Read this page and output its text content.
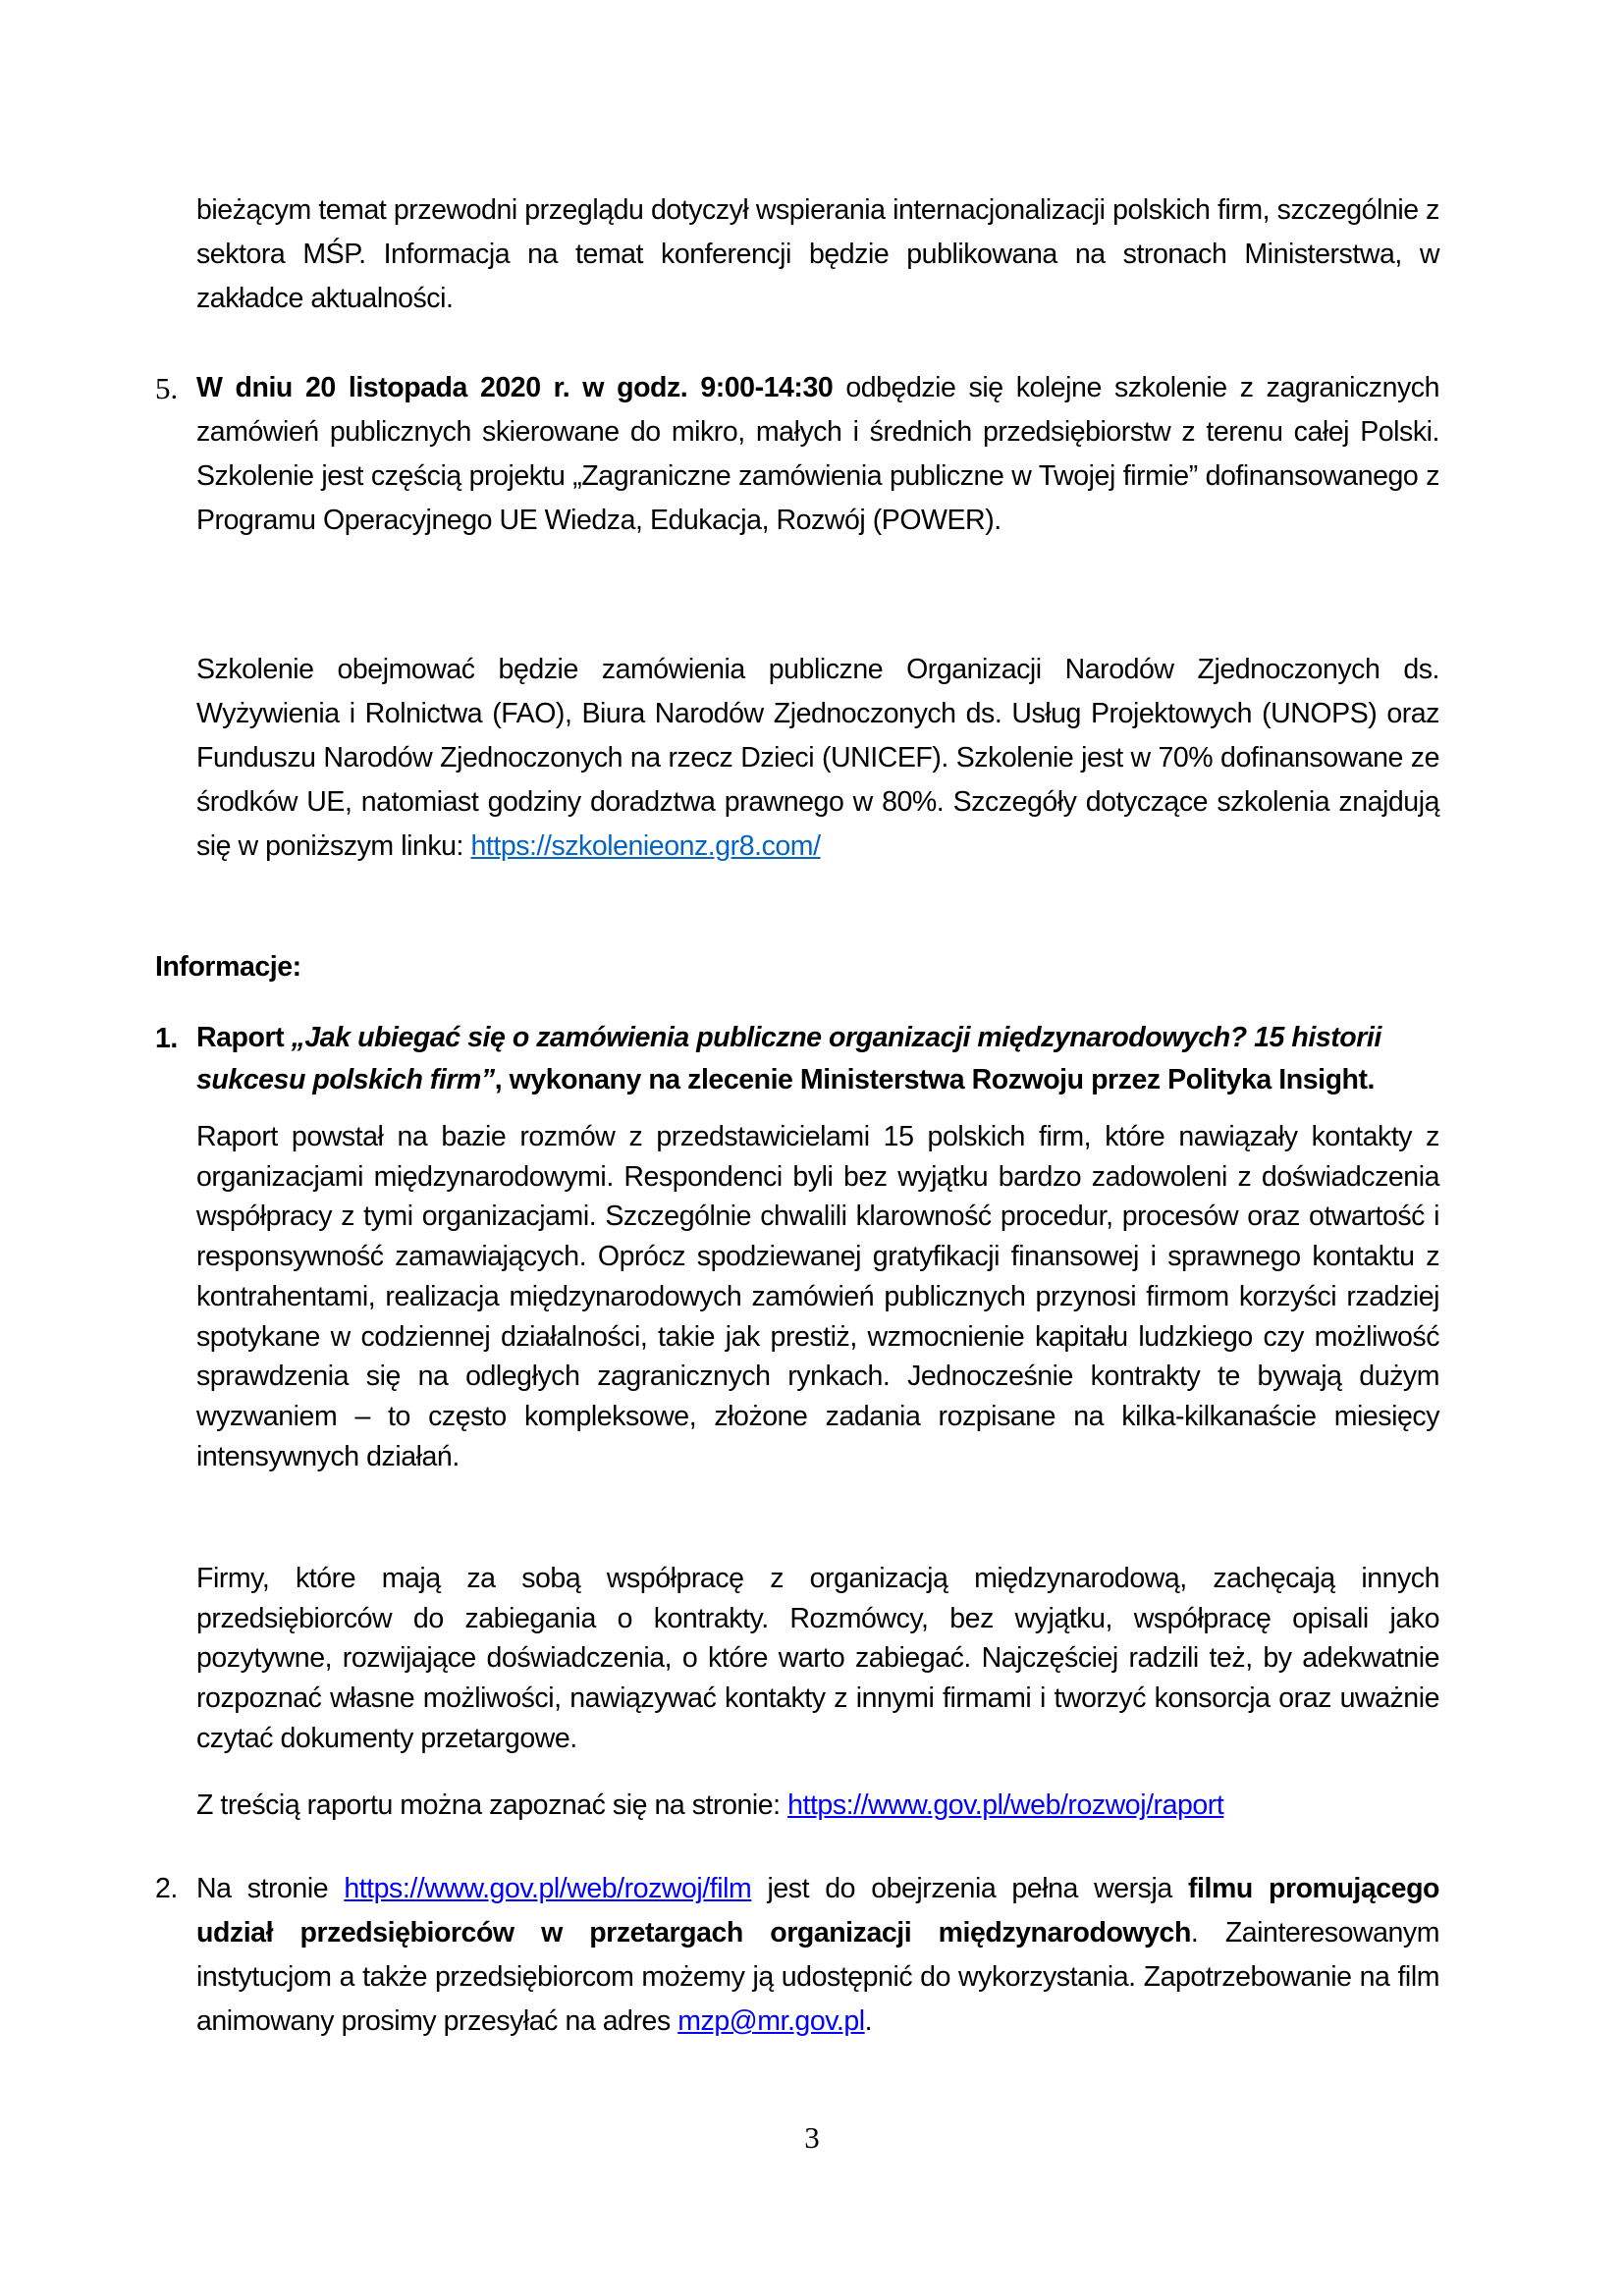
bieżącym temat przewodni przeglądu dotyczył wspierania internacjonalizacji polskich firm, szczególnie z sektora MŚP. Informacja na temat konferencji będzie publikowana na stronach Ministerstwa, w zakładce aktualności.

5. W dniu 20 listopada 2020 r. w godz. 9:00-14:30 odbędzie się kolejne szkolenie z zagranicznych zamówień publicznych skierowane do mikro, małych i średnich przedsiębiorstw z terenu całej Polski. Szkolenie jest częścią projektu „Zagraniczne zamówienia publiczne w Twojej firmie” dofinansowanego z Programu Operacyjnego UE Wiedza, Edukacja, Rozwój (POWER).

Szkolenie obejmować będzie zamówienia publiczne Organizacji Narodów Zjednoczonych ds. Wyżywienia i Rolnictwa (FAO), Biura Narodów Zjednoczonych ds. Usług Projektowych (UNOPS) oraz Funduszu Narodów Zjednoczonych na rzecz Dzieci (UNICEF). Szkolenie jest w 70% dofinansowane ze środków UE, natomiast godziny doradztwa prawnego w 80%. Szczegóły dotyczące szkolenia znajdują się w poniższym linku: https://szkolenieonz.gr8.com/

Informacje:
1. Raport „Jak ubiegać się o zamówienia publiczne organizacji międzynarodowych? 15 historii sukcesu polskich firm”, wykonany na zlecenie Ministerstwa Rozwoju przez Polityka Insight.

Raport powstał na bazie rozmów z przedstawicielami 15 polskich firm, które nawiązały kontakty z organizacjami międzynarodowymi. Respondenci byli bez wyjątku bardzo zadowoleni z doświadczenia współpracy z tymi organizacjami. Szczególnie chwalili klarowność procedur, procesów oraz otwartość i responsywność zamawiających. Oprócz spodziewanej gratyfikacji finansowej i sprawnego kontaktu z kontrahentami, realizacja międzynarodowych zamówień publicznych przynosi firmom korzyści rzadziej spotykane w codziennej działalności, takie jak prestiż, wzmocnienie kapitału ludzkiego czy możliwość sprawdzenia się na odległych zagranicznych rynkach. Jednocześnie kontrakty te bywają dużym wyzwaniem – to często kompleksowe, złożone zadania rozpisane na kilka-kilkanaście miesięcy intensywnych działań.

Firmy, które mają za sobą współpracę z organizacją międzynarodową, zachęcają innych przedsiębiorców do zabiegania o kontrakty. Rozmówcy, bez wyjątku, współpracę opisali jako pozytywne, rozwijające doświadczenia, o które warto zabiegać. Najczęściej radzili też, by adekwatnie rozpoznać własne możliwości, nawiązywać kontakty z innymi firmami i tworzyć konsorcja oraz uważnie czytać dokumenty przetargowe.

Z treścią raportu można zapoznać się na stronie: https://www.gov.pl/web/rozwoj/raport

2. Na stronie https://www.gov.pl/web/rozwoj/film jest do obejrzenia pełna wersja filmu promującego udział przedsiębiorców w przetargach organizacji międzynarodowych. Zainteresowanym instytucjom a także przedsiębiorcom możemy ją udostępnić do wykorzystania. Zapotrzebowanie na film animowany prosimy przesyłać na adres mzp@mr.gov.pl.

3
